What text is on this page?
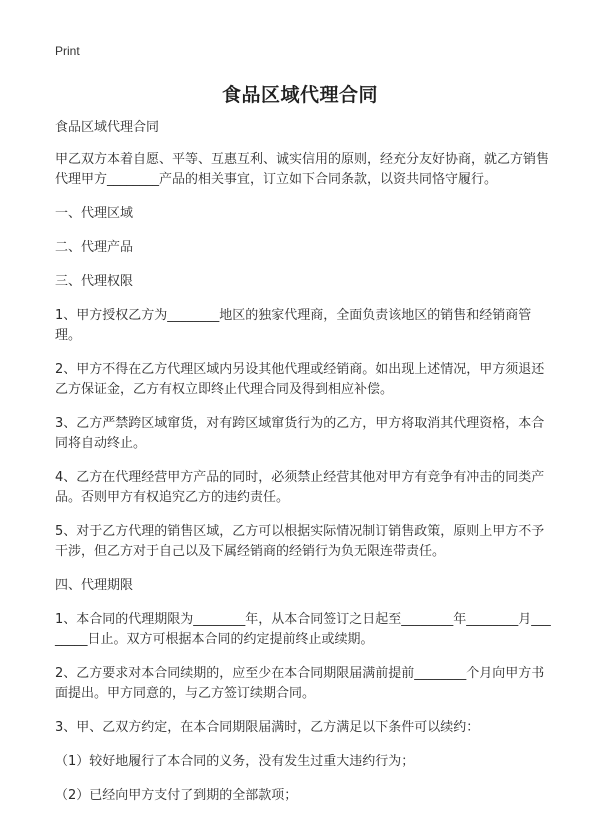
Print
食品区域代理合同

食品区域代理合同

甲乙双方本着自愿、平等、互惠互利、诚实信用的原则，经充分友好协商，就乙方销售代理甲方________产品的相关事宜，订立如下合同条款，以资共同恪守履行。

一、代理区域

二、代理产品

三、代理权限

1、甲方授权乙方为________地区的独家代理商，全面负责该地区的销售和经销商管理。

2、甲方不得在乙方代理区域内另设其他代理或经销商。如出现上述情况，甲方须退还乙方保证金，乙方有权立即终止代理合同及得到相应补偿。

3、乙方严禁跨区域窜货，对有跨区域窜货行为的乙方，甲方将取消其代理资格，本合同将自动终止。

4、乙方在代理经营甲方产品的同时，必须禁止经营其他对甲方有竞争有冲击的同类产品。否则甲方有权追究乙方的违约责任。

5、对于乙方代理的销售区域，乙方可以根据实际情况制订销售政策，原则上甲方不予干涉，但乙方对于自己以及下属经销商的经销行为负无限连带责任。

四、代理期限

1、本合同的代理期限为________年，从本合同签订之日起至________年________月________日止。双方可根据本合同的约定提前终止或续期。

2、乙方要求对本合同续期的，应至少在本合同期限届满前提前________个月向甲方书面提出。甲方同意的，与乙方签订续期合同。

3、甲、乙双方约定，在本合同期限届满时，乙方满足以下条件可以续约：

（1）较好地履行了本合同的义务，没有发生过重大违约行为；

（2）已经向甲方支付了到期的全部款项；
